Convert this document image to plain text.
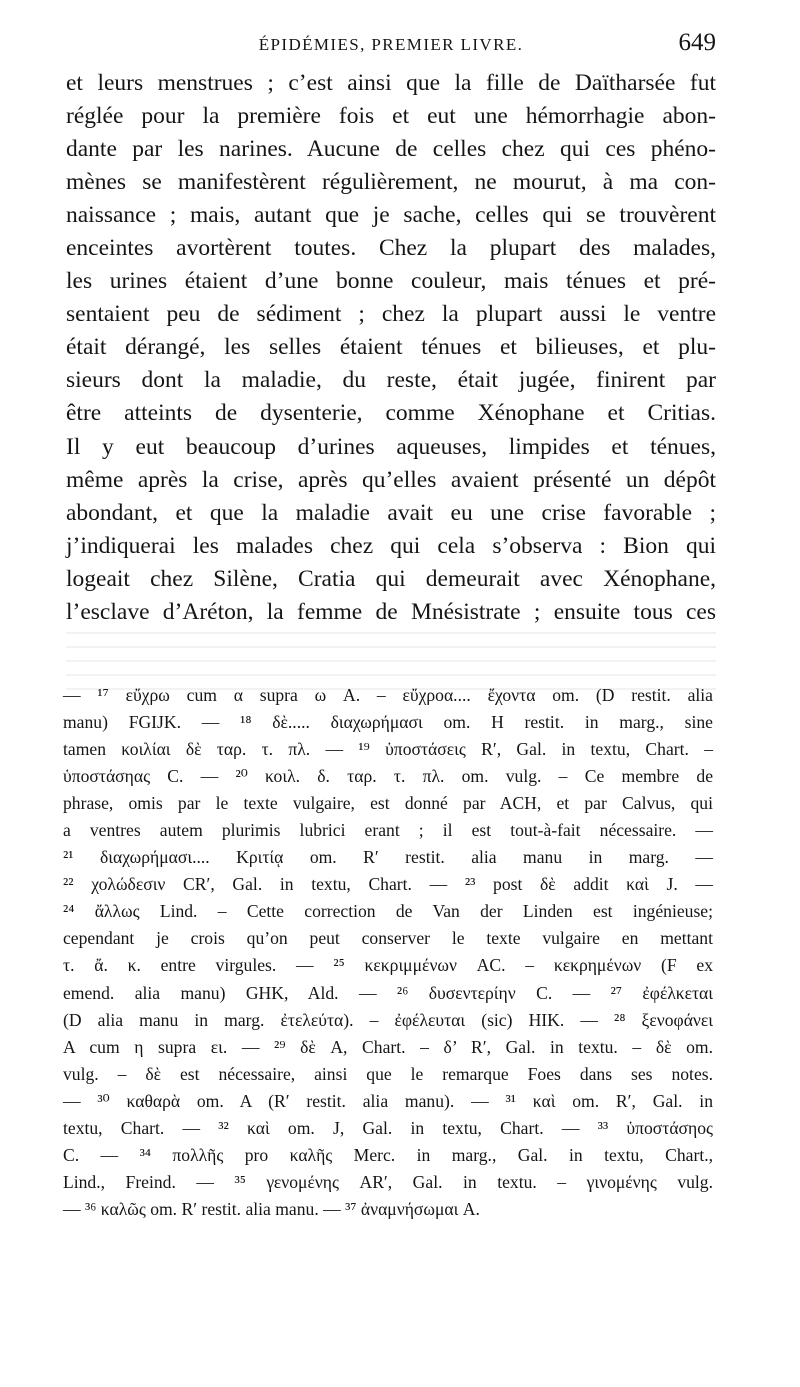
ÉPIDÉMIES, PREMIER LIVRE.	649
et leurs menstrues ; c’est ainsi que la fille de Daïtharsée fut
réglée pour la première fois et eut une hémorrhagie abon-
dante par les narines. Aucune de celles chez qui ces phéno-
mènes se manifestèrent régulièrement, ne mourut, à ma con-
naissance ; mais, autant que je sache, celles qui se trouvèrent
enceintes avortèrent toutes. Chez la plupart des malades,
les urines étaient d’une bonne couleur, mais ténues et pré-
sentaient peu de sédiment ; chez la plupart aussi le ventre
était dérangé, les selles étaient ténues et bilieuses, et plu-
sieurs dont la maladie, du reste, était jugée, finirent par
être atteints de dysenterie, comme Xénophane et Critias.
Il y eut beaucoup d’urines aqueuses, limpides et ténues,
même après la crise, après qu’elles avaient présenté un dépôt
abondant, et que la maladie avait eu une crise favorable ;
j’indiquerai les malades chez qui cela s’observa : Bion qui
logeait chez Silène, Cratia qui demeurait avec Xénophane,
l’esclave d’Aréton, la femme de Mnésistrate ; ensuite tous ces
— ¹⁷ εὔχρω cum α supra ω A. – εὔχροα.... ἔχοντα om. (D restit. alia
manu) FGIJK. — ¹⁸ δὲ..... διαχωρήμασι om. H restit. in marg., sine
tamen κοιλίαι δὲ ταρ. τ. πλ. — ¹⁹ ὑποστάσεις R′, Gal. in textu, Chart. –
ὑποστάσηας C. — ²⁰ κοιλ. δ. ταρ. τ. πλ. om. vulg. – Ce membre de
phrase, omis par le texte vulgaire, est donné par ACH, et par Calvus, qui
a ventres autem plurimis lubrici erant ; il est tout-à-fait nécessaire. —
²¹ διαχωρήμασι.... Κριτίᾳ om. R′ restit. alia manu in marg. —
²² χολώδεσιν CR′, Gal. in textu, Chart. — ²³ post δὲ addit καὶ J. —
²⁴ ἄλλως Lind. – Cette correction de Van der Linden est ingénieuse;
cependant je crois qu’on peut conserver le texte vulgaire en mettant
τ. ἄ. κ. entre virgules. — ²⁵ κεκριμμένων AC. – κεκρημένων (F ex
emend. alia manu) GHK, Ald. — ²⁶ δυσεντερίην C. — ²⁷ ἐφέλκεται
(D alia manu in marg. ἐτελεύτα). – ἐφέλευται (sic) HIK. — ²⁸ ξενοφάνει
A cum η supra ει. — ²⁹ δὲ A, Chart. – δ’ R′, Gal. in textu. – δὲ om.
vulg. – δὲ est nécessaire, ainsi que le remarque Foes dans ses notes.
— ³⁰ καθαρὰ om. A (R′ restit. alia manu). — ³¹ καὶ om. R′, Gal. in
textu, Chart. — ³² καὶ om. J, Gal. in textu, Chart. — ³³ ὑποστάσηος
C. — ³⁴ πολλῆς pro καλῆς Merc. in marg., Gal. in textu, Chart.,
Lind., Freind. — ³⁵ γενομένης AR′, Gal. in textu. – γινομένης vulg.
— ³⁶ καλῶς om. R′ restit. alia manu. — ³⁷ ἀναμνήσωμαι A.
